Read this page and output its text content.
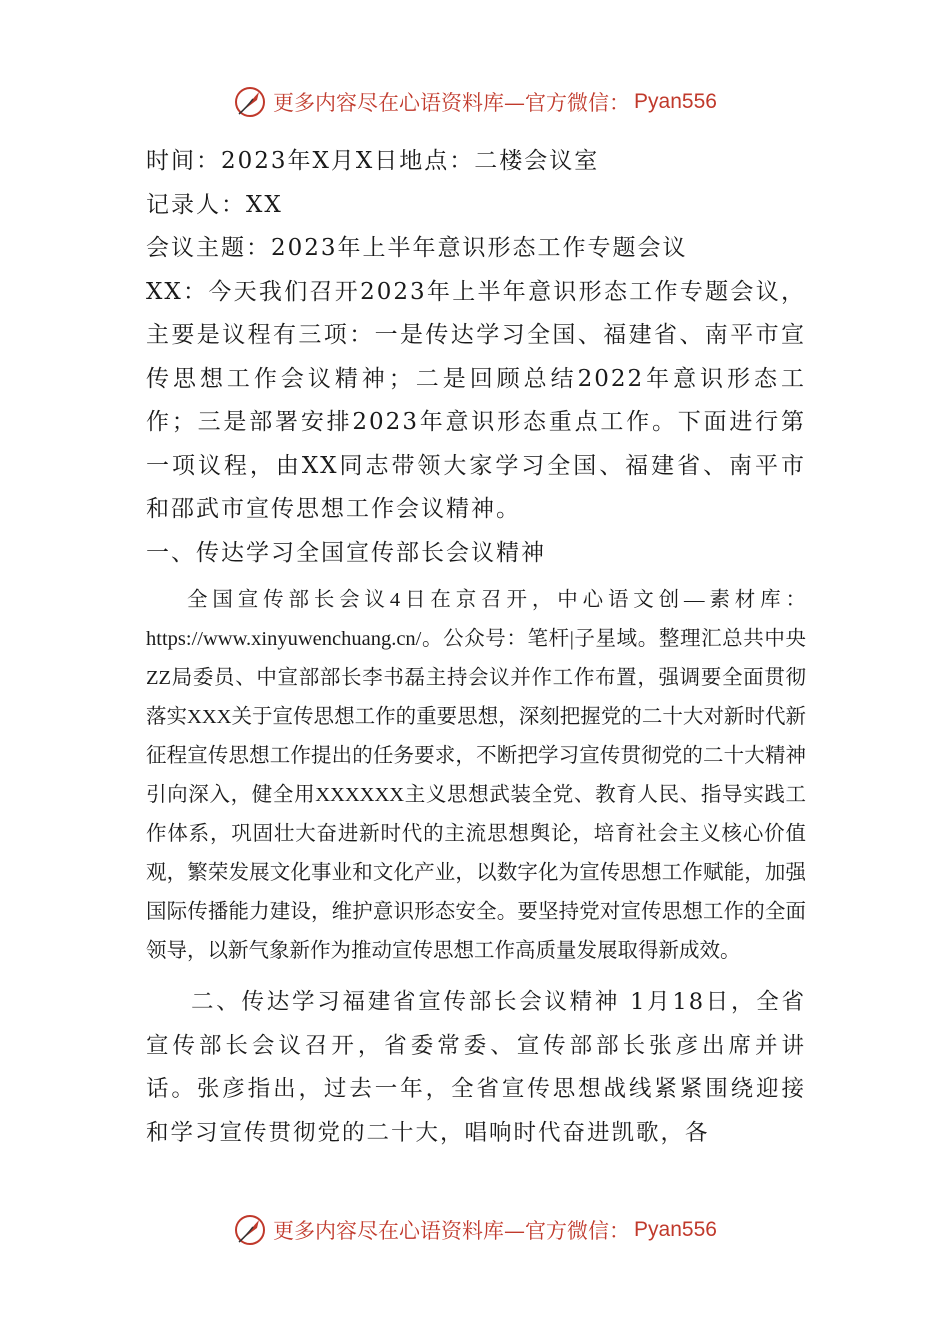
更多内容尽在心语资料库—官方微信： Pyan556

时间：2023年X月X日地点：二楼会议室

记录人：XX

会议主题：2023年上半年意识形态工作专题会议

XX：今天我们召开2023年上半年意识形态工作专题会议，主要是议程有三项：一是传达学习全国、福建省、南平市宣传思想工作会议精神；二是回顾总结2022年意识形态工作；三是部署安排2023年意识形态重点工作。下面进行第一项议程，由XX同志带领大家学习全国、福建省、南平市和邵武市宣传思想工作会议精神。

一、传达学习全国宣传部长会议精神

全国宣传部长会议4日在京召开，中心语文创—素材库：https://www.xinyuwenchuang.cn/。公众号：笔杆|子星域。整理汇总共中央ZZ局委员、中宣部部长李书磊主持会议并作工作布置，强调要全面贯彻落实XXX关于宣传思想工作的重要思想，深刻把握党的二十大对新时代新征程宣传思想工作提出的任务要求，不断把学习宣传贯彻党的二十大精神引向深入，健全用XXXXXX主义思想武装全党、教育人民、指导实践工作体系，巩固壮大奋进新时代的主流思想舆论，培育社会主义核心价值观，繁荣发展文化事业和文化产业，以数字化为宣传思想工作赋能，加强国际传播能力建设，维护意识形态安全。要坚持党对宣传思想工作的全面领导，以新气象新作为推动宣传思想工作高质量发展取得新成效。

二、传达学习福建省宣传部长会议精神 1月18日，全省宣传部长会议召开，省委常委、宣传部部长张彦出席并讲话。张彦指出，过去一年，全省宣传思想战线紧紧围绕迎接和学习宣传贯彻党的二十大，唱响时代奋进凯歌，各

更多内容尽在心语资料库—官方微信： Pyan556
